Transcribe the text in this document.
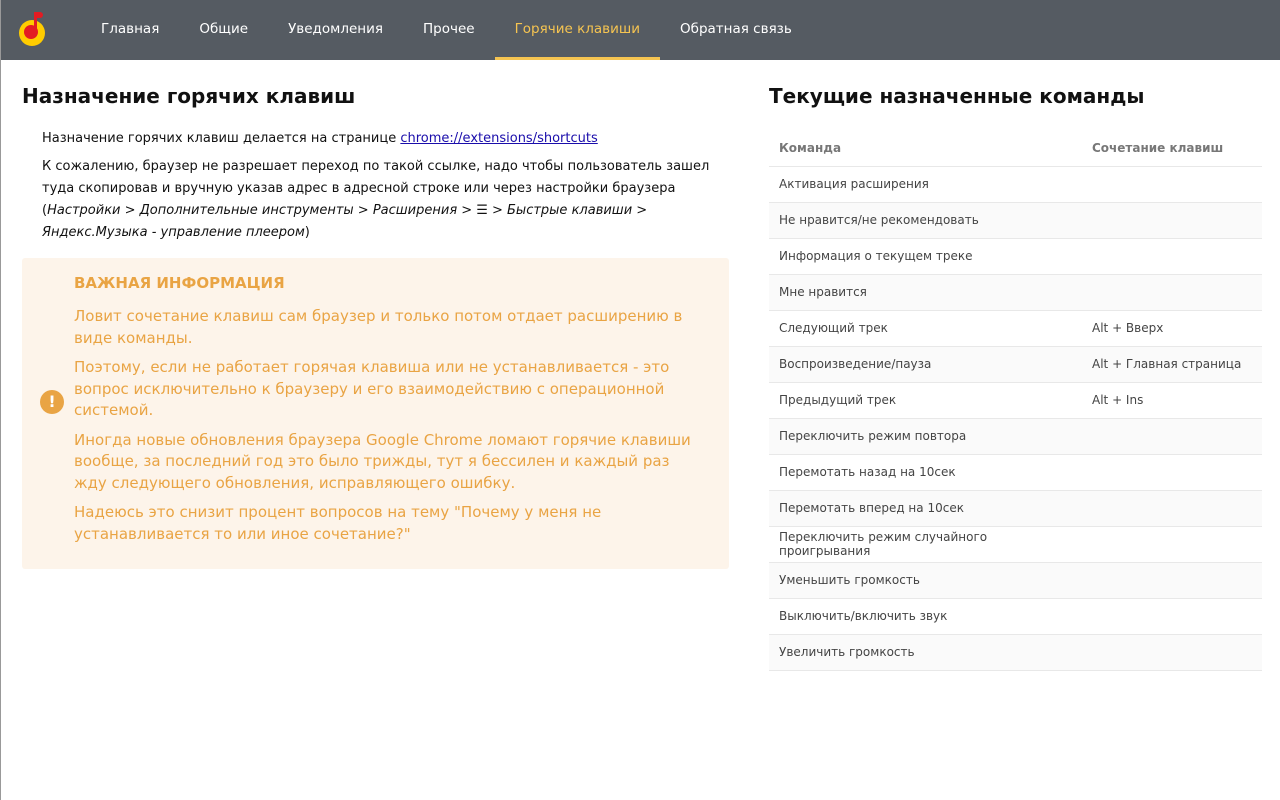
Главная	Общие	Уведомления	Прочее	Горячие клавиши	Обратная связь
Назначение горячих клавиш
Назначение горячих клавиш делается на странице chrome://extensions/shortcuts
К сожалению, браузер не разрешает переход по такой ссылке, надо чтобы пользователь зашел туда скопировав и вручную указав адрес в адресной строке или через настройки браузера (Настройки > Дополнительные инструменты > Расширения > ☰ > Быстрые клавиши > Яндекс.Музыка - управление плеером)
!
ВАЖНАЯ ИНФОРМАЦИЯ

Ловит сочетание клавиш сам браузер и только потом отдает расширению в виде команды.

Поэтому, если не работает горячая клавиша или не устанавливается - это вопрос исключительно к браузеру и его взаимодействию с операционной системой.

Иногда новые обновления браузера Google Chrome ломают горячие клавиши вообще, за последний год это было трижды, тут я бессилен и каждый раз жду следующего обновления, исправляющего ошибку.

Надеюсь это снизит процент вопросов на тему "Почему у меня не устанавливается то или иное сочетание?"

Текущие назначенные команды
Команда	Сочетание клавиш
Активация расширения	
Не нравится/не рекомендовать	
Информация о текущем треке	
Мне нравится	
Следующий трек	Alt + Вверх
Воспроизведение/пауза	Alt + Главная страница
Предыдущий трек	Alt + Ins
Переключить режим повтора	
Перемотать назад на 10сек	
Перемотать вперед на 10сек	
Переключить режим случайного проигрывания	
Уменьшить громкость	
Выключить/включить звук	
Увеличить громкость	
